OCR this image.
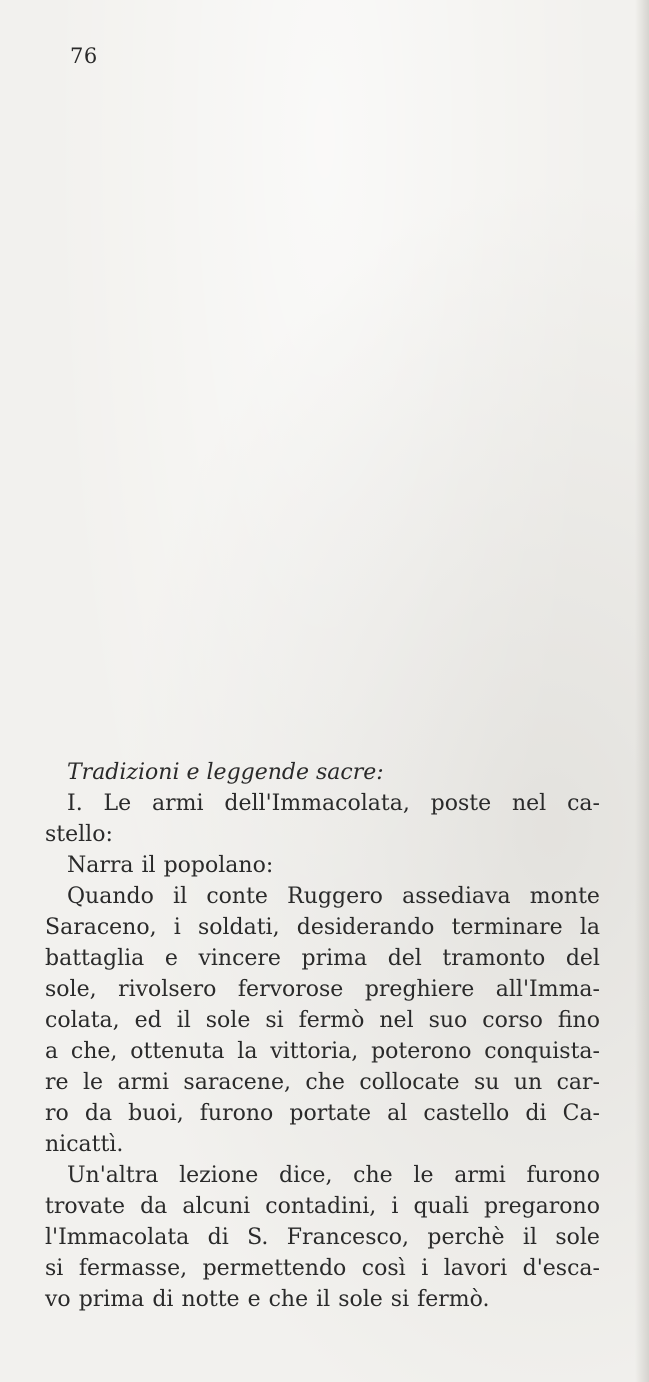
76
Tradizioni e leggende sacre:
I. Le armi dell'Immacolata, poste nel ca-
stello:
Narra il popolano:
Quando il conte Ruggero assediava monte
Saraceno, i soldati, desiderando terminare la
battaglia e vincere prima del tramonto del
sole, rivolsero fervorose preghiere all'Imma-
colata, ed il sole si fermò nel suo corso fino
a che, ottenuta la vittoria, poterono conquista-
re le armi saracene, che collocate su un car-
ro da buoi, furono portate al castello di Ca-
nicattì.
Un'altra lezione dice, che le armi furono
trovate da alcuni contadini, i quali pregarono
l'Immacolata di S. Francesco, perchè il sole
si fermasse, permettendo così i lavori d'esca-
vo prima di notte e che il sole si fermò.
